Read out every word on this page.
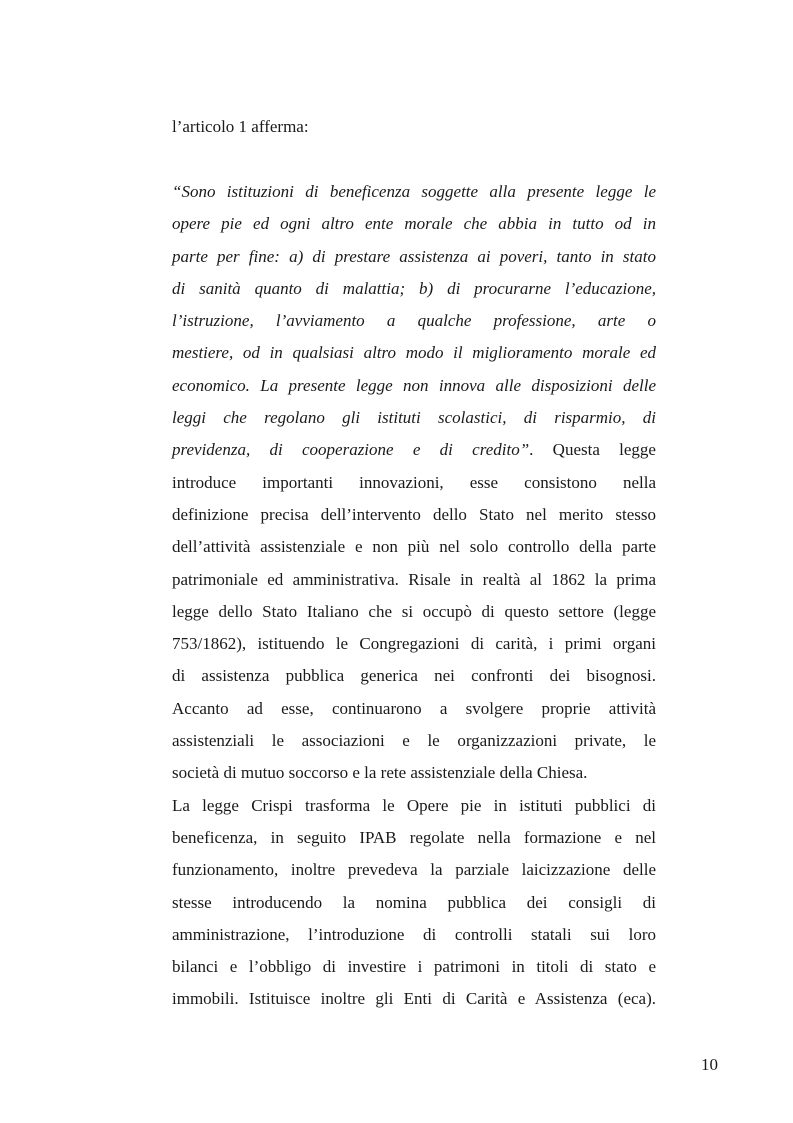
l’articolo 1 afferma:

“Sono istituzioni di beneficenza soggette alla presente legge le
opere pie ed ogni altro ente morale che abbia in tutto od in
parte per fine: a) di prestare assistenza ai poveri, tanto in stato
di sanità quanto di malattia; b) di procurarne l’educazione,
l’istruzione, l’avviamento a qualche professione, arte o
mestiere, od in qualsiasi altro modo il miglioramento morale ed
economico. La presente legge non innova alle disposizioni delle
leggi che regolano gli istituti scolastici, di risparmio, di
previdenza, di cooperazione e di credito”. Questa legge
introduce importanti innovazioni, esse consistono nella
definizione precisa dell’intervento dello Stato nel merito stesso
dell’attività assistenziale e non più nel solo controllo della parte
patrimoniale ed amministrativa. Risale in realtà al 1862 la prima
legge dello Stato Italiano che si occupò di questo settore (legge
753/1862), istituendo le Congregazioni di carità, i primi organi
di assistenza pubblica generica nei confronti dei bisognosi.
Accanto ad esse, continuarono a svolgere proprie attività
assistenziali le associazioni e le organizzazioni private, le
società di mutuo soccorso e la rete assistenziale della Chiesa.
La legge Crispi trasforma le Opere pie in istituti pubblici di
beneficenza, in seguito IPAB regolate nella formazione e nel
funzionamento, inoltre prevedeva la parziale laicizzazione delle
stesse introducendo la nomina pubblica dei consigli di
amministrazione, l’introduzione di controlli statali sui loro
bilanci e l’obbligo di investire i patrimoni in titoli di stato e
immobili. Istituisce inoltre gli Enti di Carità e Assistenza (eca).

10
